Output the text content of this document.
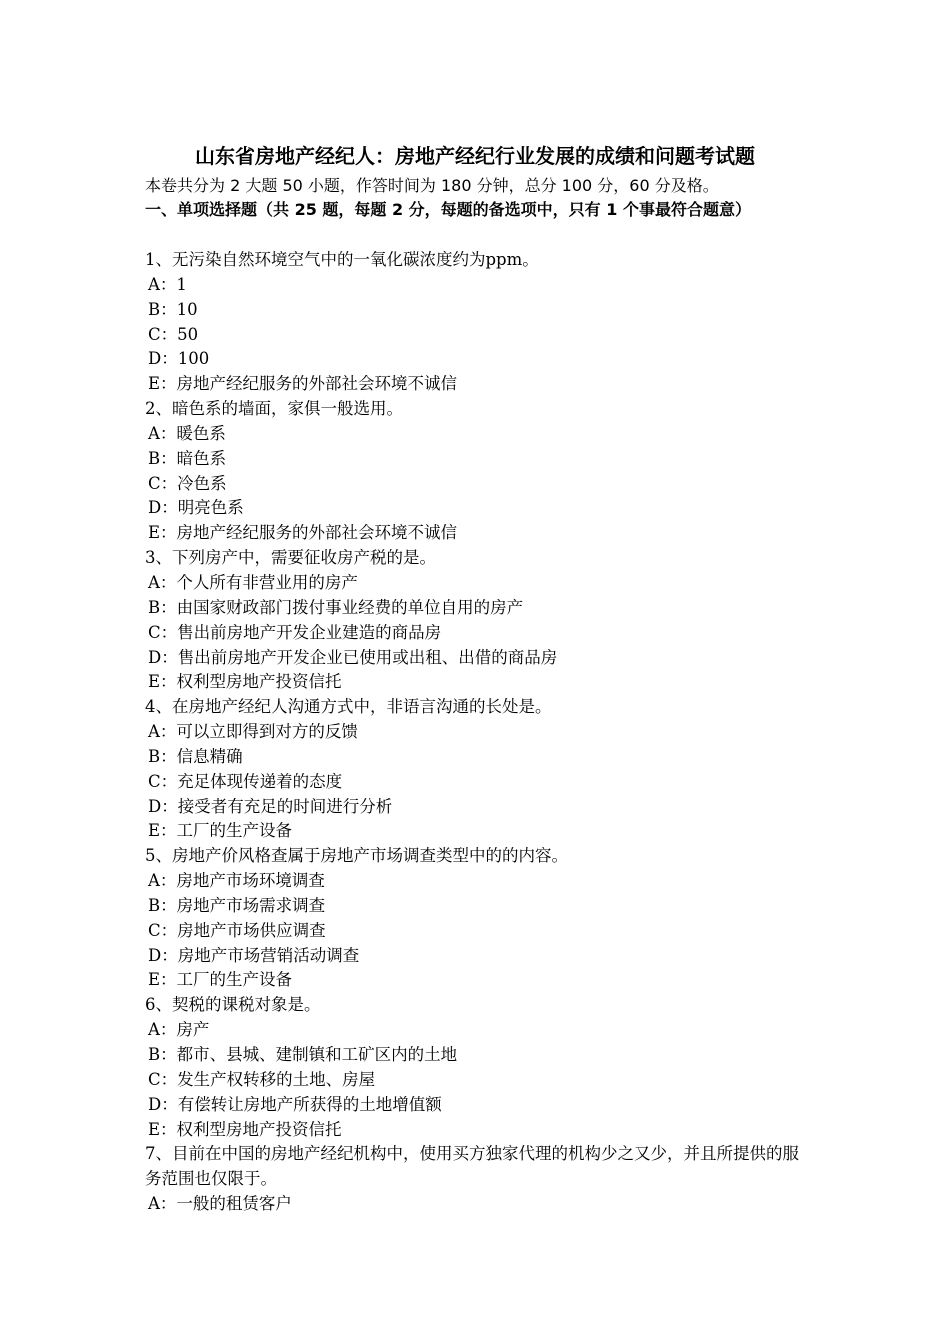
山东省房地产经纪人：房地产经纪行业发展的成绩和问题考试题
本卷共分为 2 大题 50 小题，作答时间为 180 分钟，总分 100 分，60 分及格。
一、单项选择题（共 25 题，每题 2 分，每题的备选项中，只有 1 个事最符合题意）
1、无污染自然环境空气中的一氧化碳浓度约为ppm。
A：1
B：10
C：50
D：100
E：房地产经纪服务的外部社会环境不诚信
2、暗色系的墙面，家俱一般选用。
A：暖色系
B：暗色系
C：冷色系
D：明亮色系
E：房地产经纪服务的外部社会环境不诚信
3、下列房产中，需要征收房产税的是。
A：个人所有非营业用的房产
B：由国家财政部门拨付事业经费的单位自用的房产
C：售出前房地产开发企业建造的商品房
D：售出前房地产开发企业已使用或出租、出借的商品房
E：权利型房地产投资信托
4、在房地产经纪人沟通方式中，非语言沟通的长处是。
A：可以立即得到对方的反馈
B：信息精确
C：充足体现传递着的态度
D：接受者有充足的时间进行分析
E：工厂的生产设备
5、房地产价风格查属于房地产市场调查类型中的的内容。
A：房地产市场环境调查
B：房地产市场需求调查
C：房地产市场供应调查
D：房地产市场营销活动调查
E：工厂的生产设备
6、契税的课税对象是。
A：房产
B：都市、县城、建制镇和工矿区内的土地
C：发生产权转移的土地、房屋
D：有偿转让房地产所获得的土地增值额
E：权利型房地产投资信托
7、目前在中国的房地产经纪机构中，使用买方独家代理的机构少之又少，并且所提供的服务范围也仅限于。
A：一般的租赁客户
